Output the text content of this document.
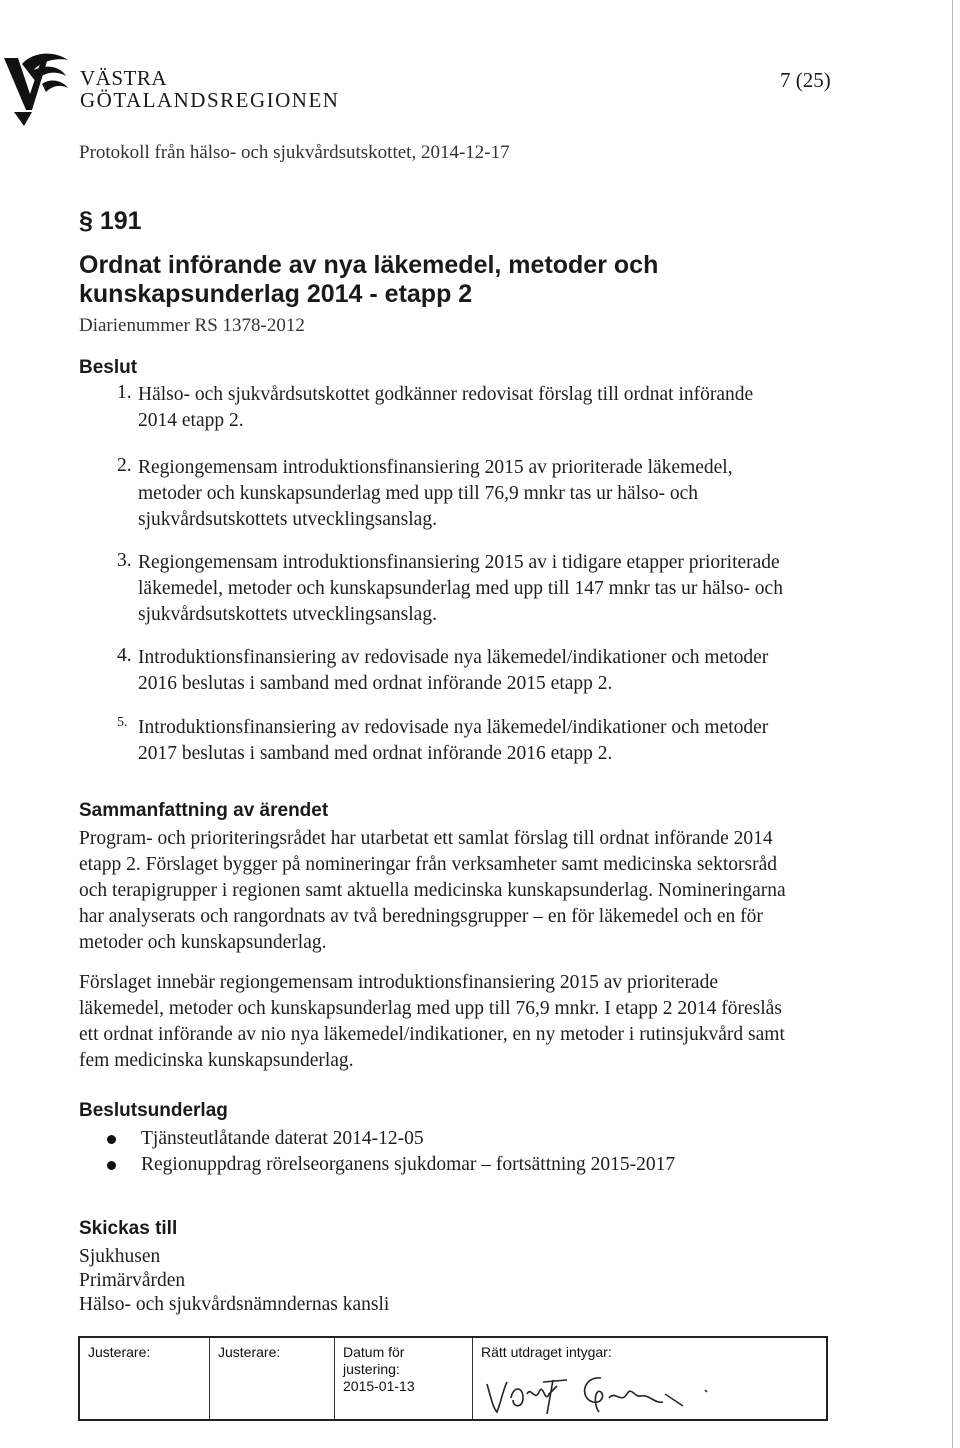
VÄSTRA
GÖTALANDSREGIONEN
7 (25)
Protokoll från hälso- och sjukvårdsutskottet, 2014-12-17
§ 191
Ordnat införande av nya läkemedel, metoder och
kunskapsunderlag 2014 - etapp 2
Diarienummer RS 1378-2012
Beslut
1. Hälso- och sjukvårdsutskottet godkänner redovisat förslag till ordnat införande 2014 etapp 2.
2. Regiongemensam introduktionsfinansiering 2015 av prioriterade läkemedel, metoder och kunskapsunderlag med upp till 76,9 mnkr tas ur hälso- och sjukvårdsutskottets utvecklingsanslag.
3. Regiongemensam introduktionsfinansiering 2015 av i tidigare etapper prioriterade läkemedel, metoder och kunskapsunderlag med upp till 147 mnkr tas ur hälso- och sjukvårdsutskottets utvecklingsanslag.
4. Introduktionsfinansiering av redovisade nya läkemedel/indikationer och metoder 2016 beslutas i samband med ordnat införande 2015 etapp 2.
5. Introduktionsfinansiering av redovisade nya läkemedel/indikationer och metoder 2017 beslutas i samband med ordnat införande 2016 etapp 2.
Sammanfattning av ärendet
Program- och prioriteringsrådet har utarbetat ett samlat förslag till ordnat införande 2014 etapp 2. Förslaget bygger på nomineringar från verksamheter samt medicinska sektorsråd och terapigrupper i regionen samt aktuella medicinska kunskapsunderlag. Nomineringarna har analyserats och rangordnats av två beredningsgrupper – en för läkemedel och en för metoder och kunskapsunderlag.
Förslaget innebär regiongemensam introduktionsfinansiering 2015 av prioriterade läkemedel, metoder och kunskapsunderlag med upp till 76,9 mnkr. I etapp 2 2014 föreslås ett ordnat införande av nio nya läkemedel/indikationer, en ny metoder i rutinsjukvård samt fem medicinska kunskapsunderlag.
Beslutsunderlag
Tjänsteutlåtande daterat 2014-12-05
Regionuppdrag rörelseorganens sjukdomar – fortsättning 2015-2017
Skickas till
Sjukhusen
Primärvården
Hälso- och sjukvårdsnämndernas kansli
Justerare:	Justerare:	Datum för
justering:
2015-01-13
Rätt utdraget intygar:
